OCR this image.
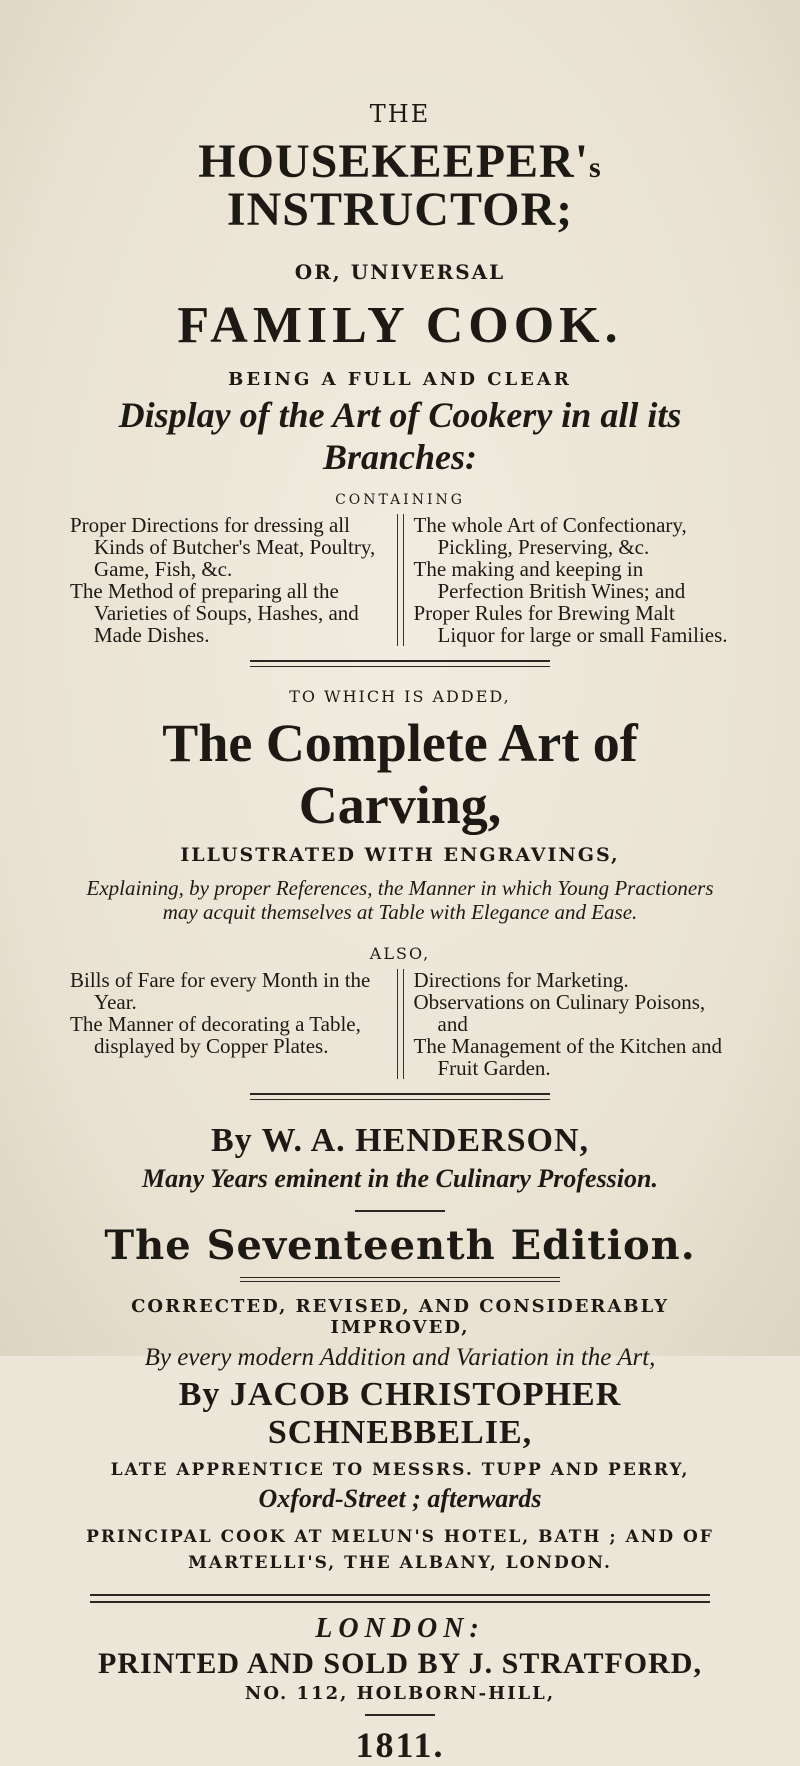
THE
HOUSEKEEPER's INSTRUCTOR;
OR, UNIVERSAL
FAMILY COOK.
BEING A FULL AND CLEAR
Display of the Art of Cookery in all its Branches:
CONTAINING

Proper Directions for dressing all Kinds of Butcher's Meat, Poultry, Game, Fish, &c.

The Method of preparing all the Varieties of Soups, Hashes, and Made Dishes.

The whole Art of Confectionary, Pickling, Preserving, &c.

The making and keeping in Perfection British Wines; and

Proper Rules for Brewing Malt Liquor for large or small Families.

TO WHICH IS ADDED,
The Complete Art of Carving,
ILLUSTRATED WITH ENGRAVINGS,
Explaining, by proper References, the Manner in which Young Practioners may acquit themselves at Table with Elegance and Ease.
ALSO,

Bills of Fare for every Month in the Year.

The Manner of decorating a Table, displayed by Copper Plates.

Directions for Marketing.

Observations on Culinary Poisons, and

The Management of the Kitchen and Fruit Garden.

By W. A. HENDERSON,
Many Years eminent in the Culinary Profession.
The Seventeenth Edition.
CORRECTED, REVISED, AND CONSIDERABLY IMPROVED,
By every modern Addition and Variation in the Art,
By JACOB CHRISTOPHER SCHNEBBELIE,
LATE APPRENTICE TO MESSRS. TUPP AND PERRY,
Oxford-Street ; afterwards
PRINCIPAL COOK AT MELUN'S HOTEL, BATH ; AND OF
MARTELLI'S, THE ALBANY, LONDON.
LONDON:
PRINTED AND SOLD BY J. STRATFORD,
NO. 112, HOLBORN-HILL,
1811.
